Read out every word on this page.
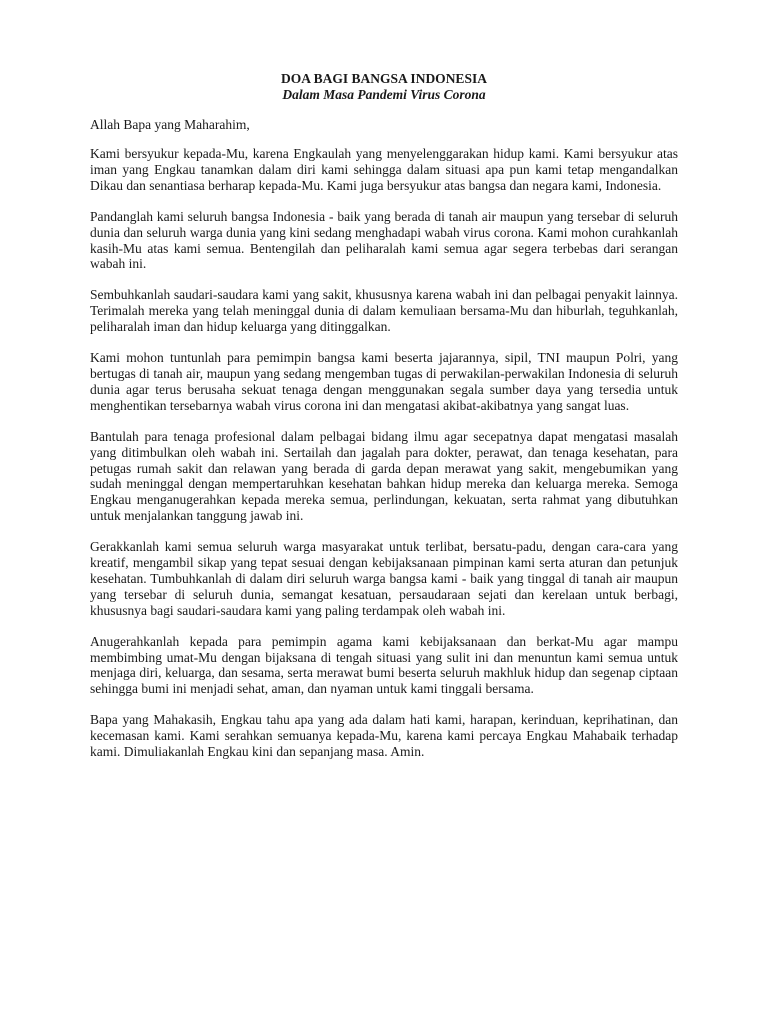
DOA BAGI BANGSA INDONESIA

Dalam Masa Pandemi Virus Corona

Allah Bapa yang Maharahim,

Kami bersyukur kepada-Mu, karena Engkaulah yang menyelenggarakan hidup kami. Kami bersyukur atas iman yang Engkau tanamkan dalam diri kami sehingga dalam situasi apa pun kami tetap mengandalkan Dikau dan senantiasa berharap kepada-Mu. Kami juga bersyukur atas bangsa dan negara kami, Indonesia.

Pandanglah kami seluruh bangsa Indonesia - baik yang berada di tanah air maupun yang tersebar di seluruh dunia dan seluruh warga dunia yang kini sedang menghadapi wabah virus corona. Kami mohon curahkanlah kasih-Mu atas kami semua. Bentengilah dan peliharalah kami semua agar segera terbebas dari serangan wabah ini.

Sembuhkanlah saudari-saudara kami yang sakit, khususnya karena wabah ini dan pelbagai penyakit lainnya. Terimalah mereka yang telah meninggal dunia di dalam kemuliaan bersama-Mu dan hiburlah, teguhkanlah, peliharalah iman dan hidup keluarga yang ditinggalkan.

Kami mohon tuntunlah para pemimpin bangsa kami beserta jajarannya, sipil, TNI maupun Polri, yang bertugas di tanah air, maupun yang sedang mengemban tugas di perwakilan-perwakilan Indonesia di seluruh dunia agar terus berusaha sekuat tenaga dengan menggunakan segala sumber daya yang tersedia untuk menghentikan tersebarnya wabah virus corona ini dan mengatasi akibat-akibatnya yang sangat luas.

Bantulah para tenaga profesional dalam pelbagai bidang ilmu agar secepatnya dapat mengatasi masalah yang ditimbulkan oleh wabah ini. Sertailah dan jagalah para dokter, perawat, dan tenaga kesehatan, para petugas rumah sakit dan relawan yang berada di garda depan merawat yang sakit, mengebumikan yang sudah meninggal dengan mempertaruhkan kesehatan bahkan hidup mereka dan keluarga mereka. Semoga Engkau menganugerahkan kepada mereka semua, perlindungan, kekuatan, serta rahmat yang dibutuhkan untuk menjalankan tanggung jawab ini.

Gerakkanlah kami semua seluruh warga masyarakat untuk terlibat, bersatu-padu, dengan cara-cara yang kreatif, mengambil sikap yang tepat sesuai dengan kebijaksanaan pimpinan kami serta aturan dan petunjuk kesehatan. Tumbuhkanlah di dalam diri seluruh warga bangsa kami - baik yang tinggal di tanah air maupun yang tersebar di seluruh dunia, semangat kesatuan, persaudaraan sejati dan kerelaan untuk berbagi, khususnya bagi saudari-saudara kami yang paling terdampak oleh wabah ini.

Anugerahkanlah kepada para pemimpin agama kami kebijaksanaan dan berkat-Mu agar mampu membimbing umat-Mu dengan bijaksana di tengah situasi yang sulit ini dan menuntun kami semua untuk menjaga diri, keluarga, dan sesama, serta merawat bumi beserta seluruh makhluk hidup dan segenap ciptaan sehingga bumi ini menjadi sehat, aman, dan nyaman untuk kami tinggali bersama.

Bapa yang Mahakasih, Engkau tahu apa yang ada dalam hati kami, harapan, kerinduan, keprihatinan, dan kecemasan kami. Kami serahkan semuanya kepada-Mu, karena kami percaya Engkau Mahabaik terhadap kami. Dimuliakanlah Engkau kini dan sepanjang masa. Amin.
